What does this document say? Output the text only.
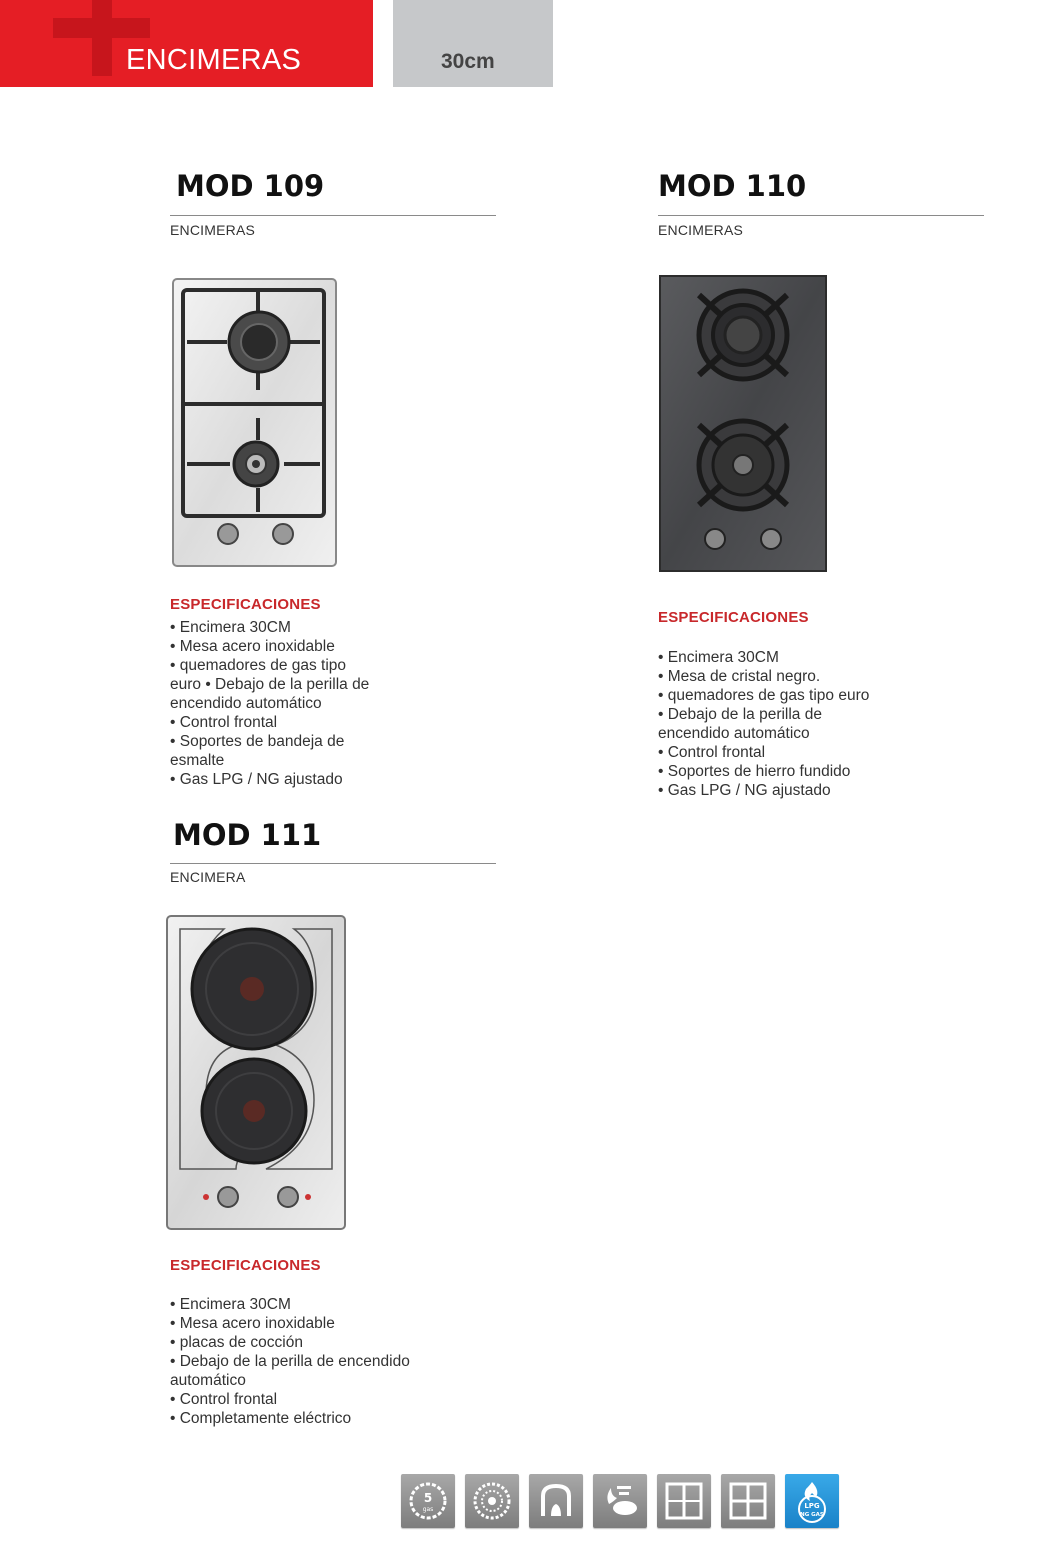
ENCIMERAS	30cm
MOD 109
ENCIMERAS
ESPECIFICACIONES
• Encimera 30CM
• Mesa acero inoxidable
• quemadores de gas tipo
euro • Debajo de la perilla de
encendido automático
• Control frontal
• Soportes de bandeja de
esmalte
• Gas LPG / NG ajustado
MOD 110
ENCIMERAS
ESPECIFICACIONES
• Encimera 30CM
• Mesa de cristal negro.
• quemadores de gas tipo euro
• Debajo de la perilla de
encendido automático
• Control frontal
• Soportes de hierro fundido
• Gas LPG / NG ajustado
MOD 111
ENCIMERA
ESPECIFICACIONES
• Encimera 30CM
• Mesa acero inoxidable
• placas de cocción
• Debajo de la perilla de encendido
automático
• Control frontal
• Completamente eléctrico
5
gas	LPG
NG GAS
